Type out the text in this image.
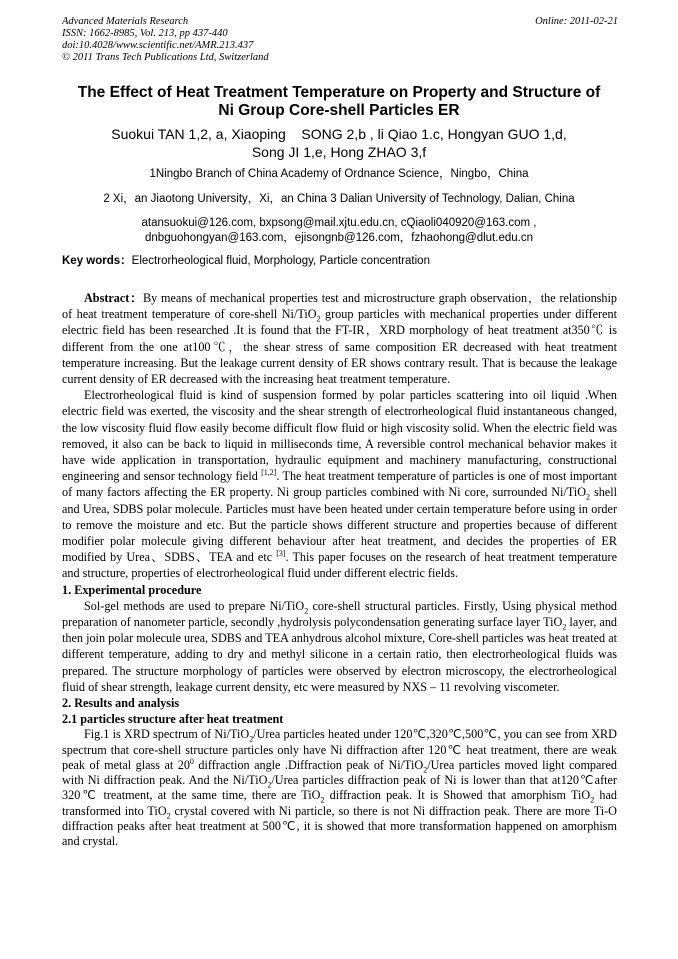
Advanced Materials Research
ISSN: 1662-8985, Vol. 213, pp 437-440
doi:10.4028/www.scientific.net/AMR.213.437
© 2011 Trans Tech Publications Ltd, Switzerland
Online: 2011-02-21
The Effect of Heat Treatment Temperature on Property and Structure of
Ni Group Core-shell Particles ER
Suokui TAN 1,2, a, Xiaoping    SONG 2,b , li Qiao 1.c, Hongyan GUO 1,d,
Song JI 1,e, Hong ZHAO 3,f
1Ningbo Branch of China Academy of Ordnance Science，Ningbo，China
2 Xi，an Jiaotong University，Xi，an China 3 Dalian University of Technology, Dalian, China
atansuokui@126.com, bxpsong@mail.xjtu.edu.cn, cQiaoli040920@163.com ,
dnbguohongyan@163.com，ejisongnb@126.com，fzhaohong@dlut.edu.cn
Key words：Electrorheological fluid, Morphology, Particle concentration

Abstract：By means of mechanical properties test and microstructure graph observation，the relationship of heat treatment temperature of core-shell Ni/TiO$_2$ group particles with mechanical properties under different electric field has been researched .It is found that the FT-IR，XRD morphology of heat treatment at350℃ is different from the one at100℃，the shear stress of same composition ER decreased with heat treatment temperature increasing. But the leakage current density of ER shows contrary result. That is because the leakage current density of ER decreased with the increasing heat treatment temperature.

Electrorheological fluid is kind of suspension formed by polar particles scattering into oil liquid .When electric field was exerted, the viscosity and the shear strength of electrorheological fluid instantaneous changed, the low viscosity fluid flow easily become difficult flow fluid or high viscosity solid. When the electric field was removed, it also can be back to liquid in milliseconds time, A reversible control mechanical behavior makes it have wide application in transportation, hydraulic equipment and machinery manufacturing, constructional engineering and sensor technology field [1,2]. The heat treatment temperature of particles is one of most important of many factors affecting the ER property. Ni group particles combined with Ni core, surrounded Ni/TiO$_2$ shell and Urea, SDBS polar molecule. Particles must have been heated under certain temperature before using in order to remove the moisture and etc. But the particle shows different structure and properties because of different modifier polar molecule giving different behaviour after heat treatment, and decides the properties of ER modified by Urea、SDBS、TEA and etc [3]. This paper focuses on the research of heat treatment temperature and structure, properties of electrorheological fluid under different electric fields.

1. Experimental procedure

Sol-gel methods are used to prepare Ni/TiO$_2$ core-shell structural particles. Firstly, Using physical method preparation of nanometer particle, secondly ,hydrolysis polycondensation generating surface layer TiO$_2$ layer, and then join polar molecule urea, SDBS and TEA anhydrous alcohol mixture, Core-shell particles was heat treated at different temperature, adding to dry and methyl silicone in a certain ratio, then electrorheological fluids was prepared. The structure morphology of particles were observed by electron microscopy, the electrorheological fluid of shear strength, leakage current density, etc were measured by NXS – 11 revolving viscometer.

2. Results and analysis
2.1 particles structure after heat treatment

Fig.1 is XRD spectrum of Ni/TiO$_2$/Urea particles heated under 120℃,320℃,500℃, you can see from XRD spectrum that core-shell structure particles only have Ni diffraction after 120℃ heat treatment, there are weak peak of metal glass at $20^0$ diffraction angle .Diffraction peak of Ni/TiO$_2$/Urea particles moved light compared with Ni diffraction peak. And the Ni/TiO$_2$/Urea particles diffraction peak of Ni is lower than that at120℃after 320℃ treatment, at the same time, there are TiO$_2$ diffraction peak. It is Showed that amorphism TiO$_2$ had transformed into TiO$_2$ crystal covered with Ni particle, so there is not Ni diffraction peak. There are more Ti-O diffraction peaks after heat treatment at 500℃, it is showed that more transformation happened on amorphism and crystal.
